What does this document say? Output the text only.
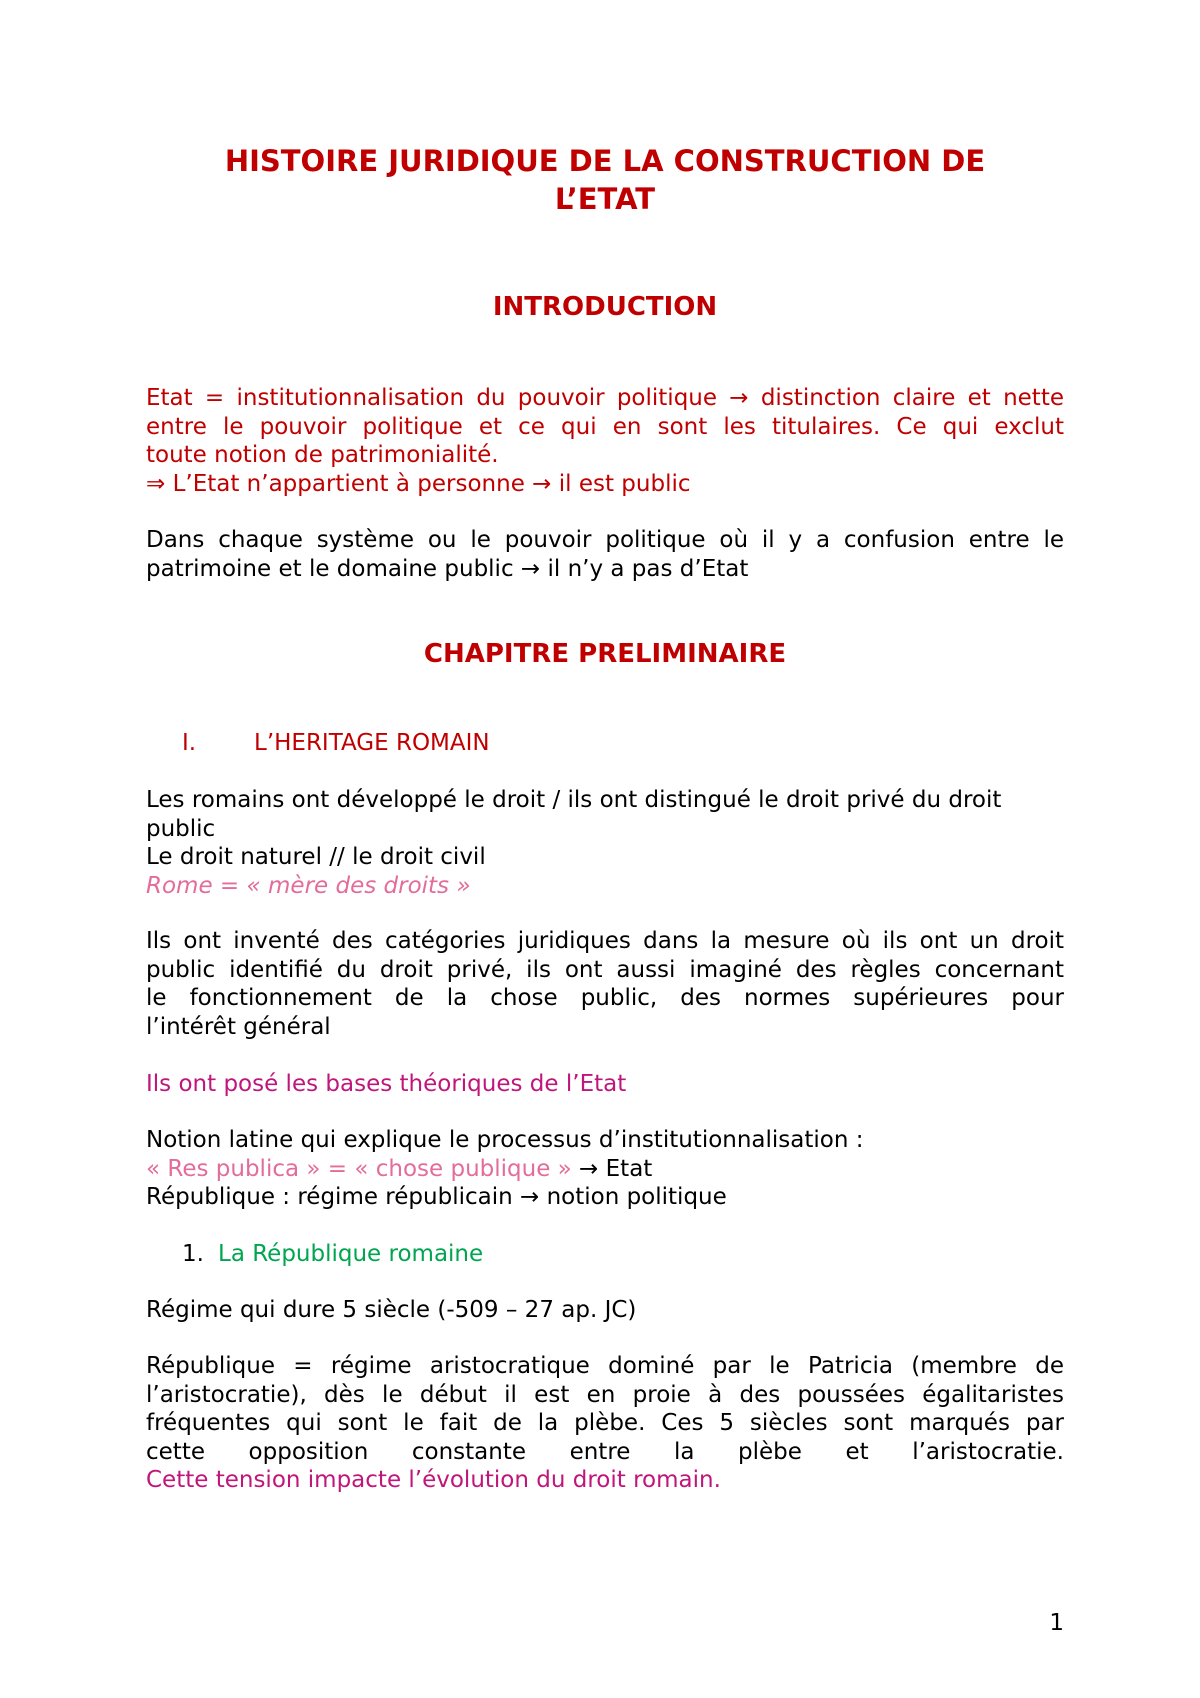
HISTOIRE JURIDIQUE DE LA CONSTRUCTION DE
L’ETAT
INTRODUCTION

Etat = institutionnalisation du pouvoir politique → distinction claire et nette
entre le pouvoir politique et ce qui en sont les titulaires. Ce qui exclut
toute notion de patrimonialité.
⇒ L’Etat n’appartient à personne → il est public

Dans chaque système ou le pouvoir politique où il y a confusion entre le
patrimoine et le domaine public → il n’y a pas d’Etat

CHAPITRE PRELIMINAIRE

I.	L’HERITAGE ROMAIN

Les romains ont développé le droit / ils ont distingué le droit privé du droit
public
Le droit naturel // le droit civil
Rome = « mère des droits »

Ils ont inventé des catégories juridiques dans la mesure où ils ont un droit
public identifié du droit privé, ils ont aussi imaginé des règles concernant
le fonctionnement de la chose public, des normes supérieures pour
l’intérêt général

Ils ont posé les bases théoriques de l’Etat

Notion latine qui explique le processus d’institutionnalisation :
« Res publica » = « chose publique » → Etat
République : régime républicain → notion politique

1. La République romaine

Régime qui dure 5 siècle (-509 – 27 ap. JC)

République = régime aristocratique dominé par le Patricia (membre de
l’aristocratie), dès le début il est en proie à des poussées égalitaristes
fréquentes qui sont le fait de la plèbe. Ces 5 siècles sont marqués par
cette opposition constante entre la plèbe et l’aristocratie.
Cette tension impacte l’évolution du droit romain.

1
